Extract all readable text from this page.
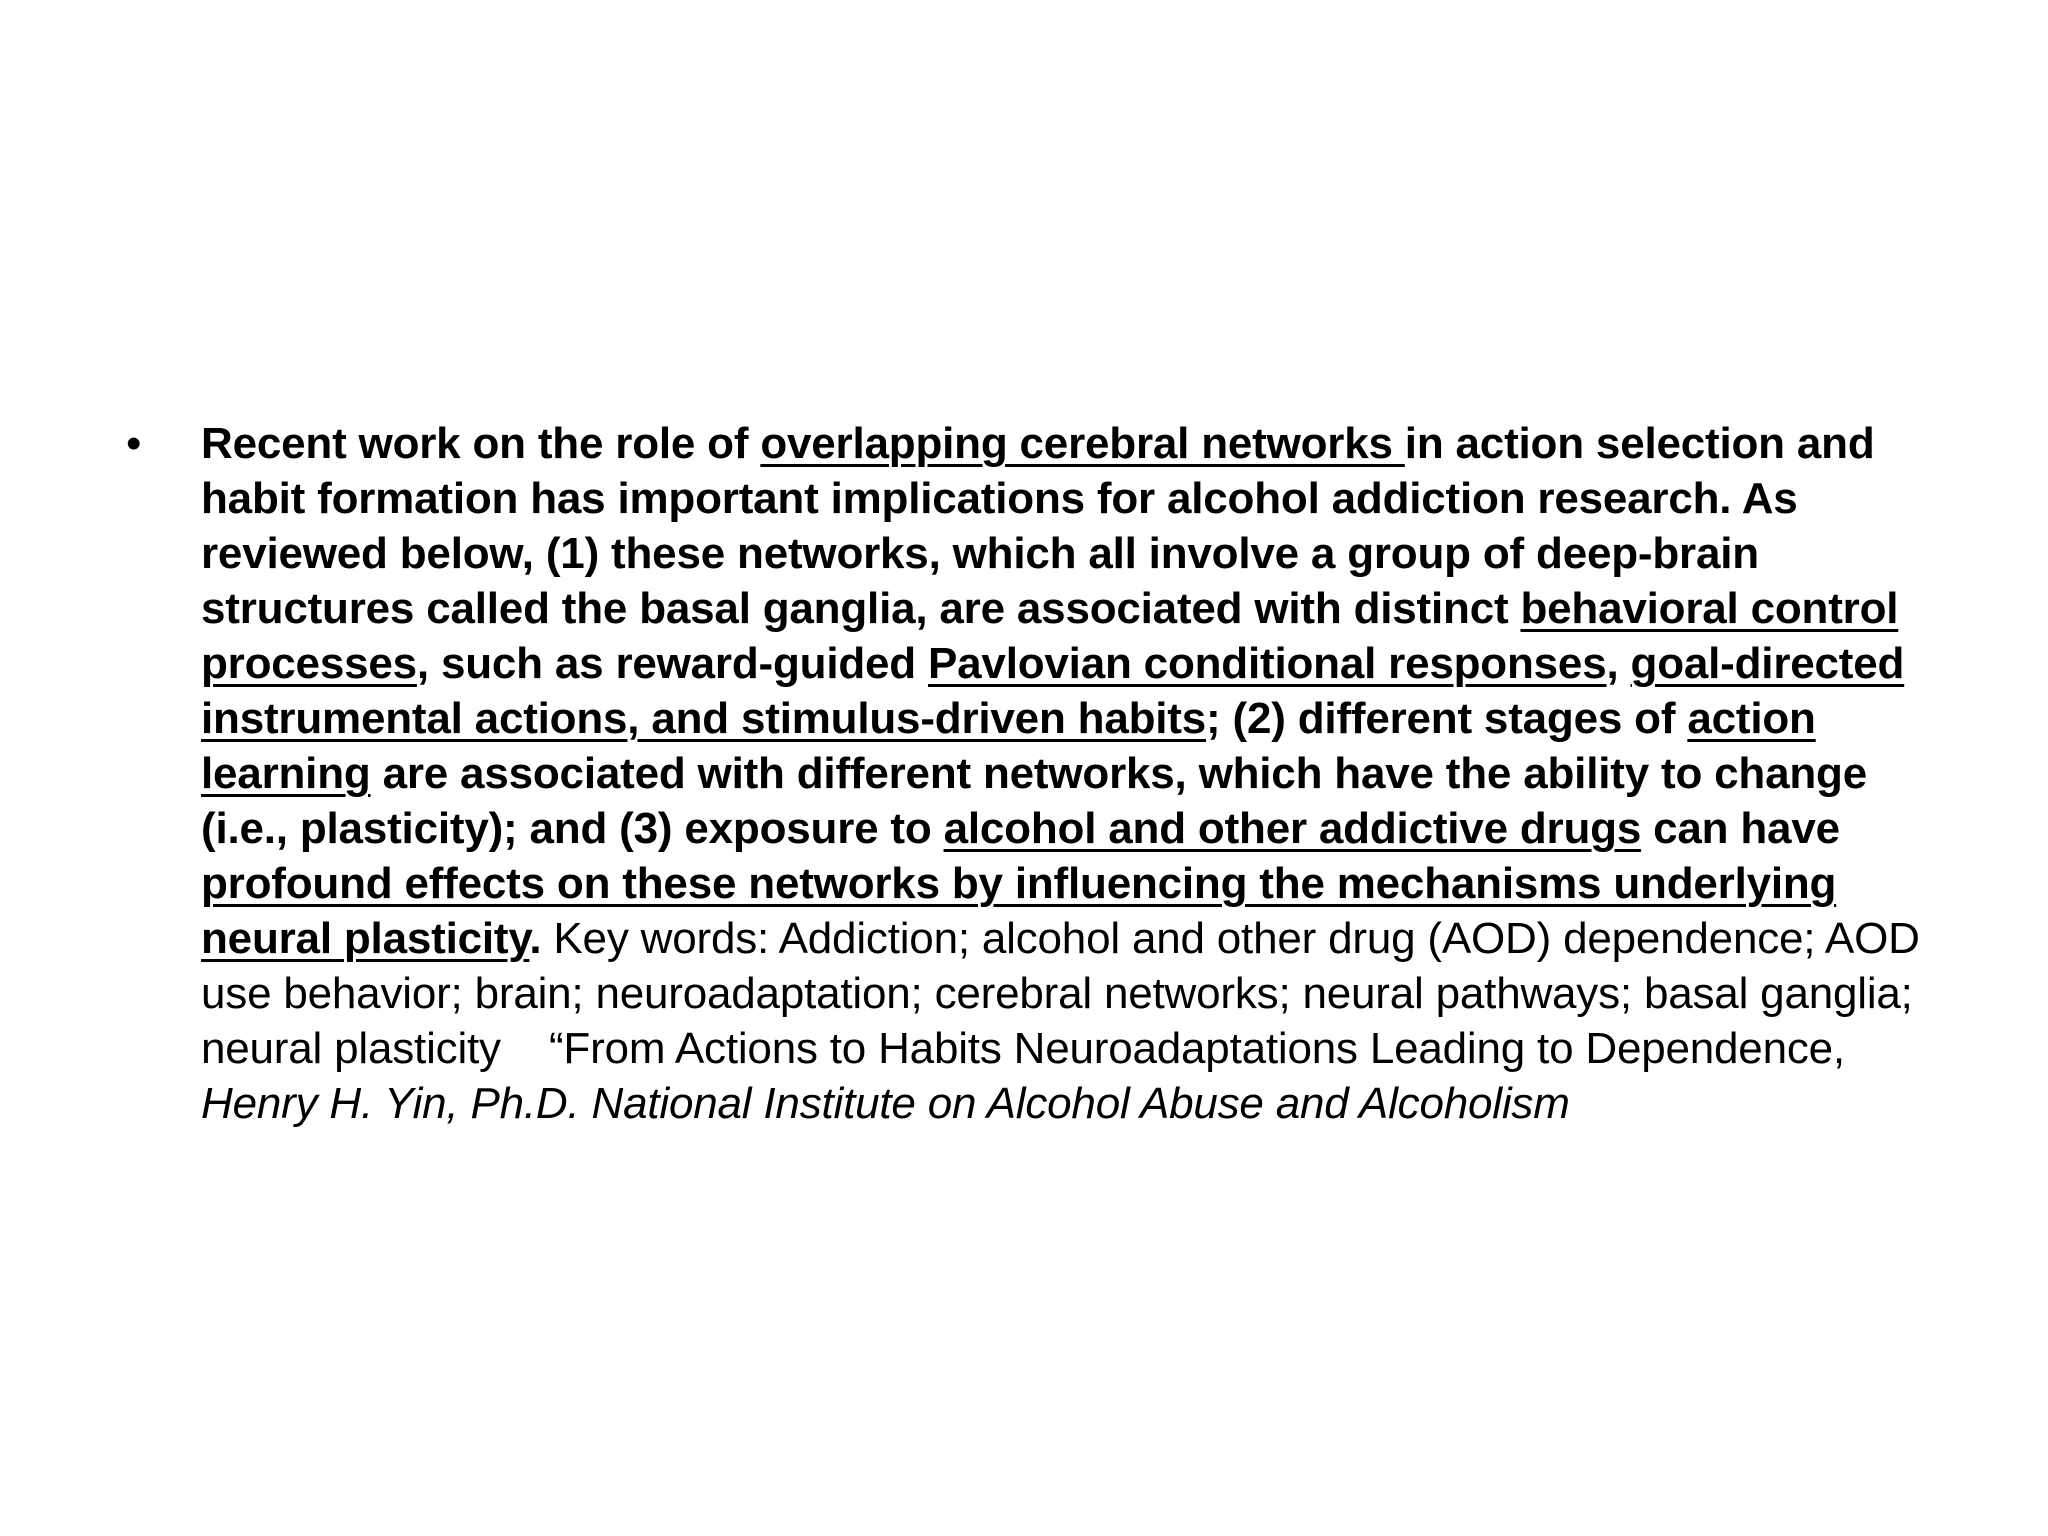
• Recent work on the role of overlapping cerebral networks in action selection and habit formation has important implications for alcohol addiction research. As reviewed below, (1) these networks, which all involve a group of deep-brain structures called the basal ganglia, are associated with distinct behavioral control processes, such as reward-guided Pavlovian conditional responses, goal-directed instrumental actions, and stimulus-driven habits; (2) different stages of action learning are associated with different networks, which have the ability to change (i.e., plasticity); and (3) exposure to alcohol and other addictive drugs can have profound effects on these networks by influencing the mechanisms underlying neural plasticity. Key words: Addiction; alcohol and other drug (AOD) dependence; AOD use behavior; brain; neuroadaptation; cerebral networks; neural pathways; basal ganglia; neural plasticity “From Actions to Habits Neuroadaptations Leading to Dependence, Henry H. Yin, Ph.D. National Institute on Alcohol Abuse and Alcoholism
